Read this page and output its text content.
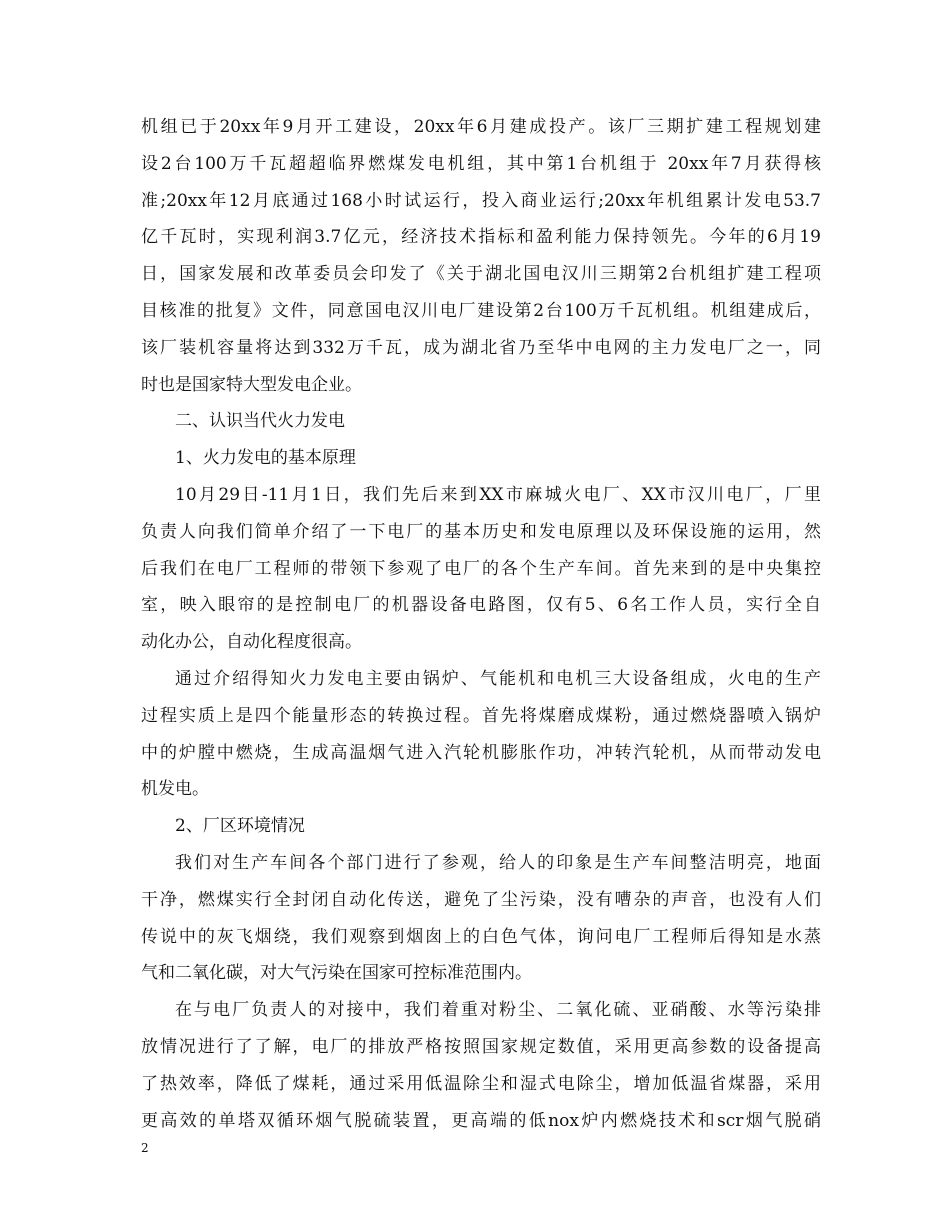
机组已于20xx年9月开工建设，20xx年6月建成投产。该厂三期扩建工程规划建
设2台100万千瓦超超临界燃煤发电机组，其中第1台机组于 20xx年7月获得核
准;20xx年12月底通过168小时试运行，投入商业运行;20xx年机组累计发电53.7
亿千瓦时，实现利润3.7亿元，经济技术指标和盈利能力保持领先。今年的6月19
日，国家发展和改革委员会印发了《关于湖北国电汉川三期第2台机组扩建工程项
目核准的批复》文件，同意国电汉川电厂建设第2台100万千瓦机组。机组建成后，
该厂装机容量将达到332万千瓦，成为湖北省乃至华中电网的主力发电厂之一，同
时也是国家特大型发电企业。
二、认识当代火力发电
1、火力发电的基本原理
10月29日-11月1日，我们先后来到XX市麻城火电厂、XX市汉川电厂，厂里
负责人向我们简单介绍了一下电厂的基本历史和发电原理以及环保设施的运用，然
后我们在电厂工程师的带领下参观了电厂的各个生产车间。首先来到的是中央集控
室，映入眼帘的是控制电厂的机器设备电路图，仅有5、6名工作人员，实行全自
动化办公，自动化程度很高。
通过介绍得知火力发电主要由锅炉、气能机和电机三大设备组成，火电的生产
过程实质上是四个能量形态的转换过程。首先将煤磨成煤粉，通过燃烧器喷入锅炉
中的炉膛中燃烧，生成高温烟气进入汽轮机膨胀作功，冲转汽轮机，从而带动发电
机发电。
2、厂区环境情况
我们对生产车间各个部门进行了参观，给人的印象是生产车间整洁明亮，地面
干净，燃煤实行全封闭自动化传送，避免了尘污染，没有嘈杂的声音，也没有人们
传说中的灰飞烟绕，我们观察到烟囱上的白色气体，询问电厂工程师后得知是水蒸
气和二氧化碳，对大气污染在国家可控标准范围内。
在与电厂负责人的对接中，我们着重对粉尘、二氧化硫、亚硝酸、水等污染排
放情况进行了了解，电厂的排放严格按照国家规定数值，采用更高参数的设备提高
了热效率，降低了煤耗，通过采用低温除尘和湿式电除尘，增加低温省煤器，采用
更高效的单塔双循环烟气脱硫装置，更高端的低nox炉内燃烧技术和scr烟气脱硝
2
